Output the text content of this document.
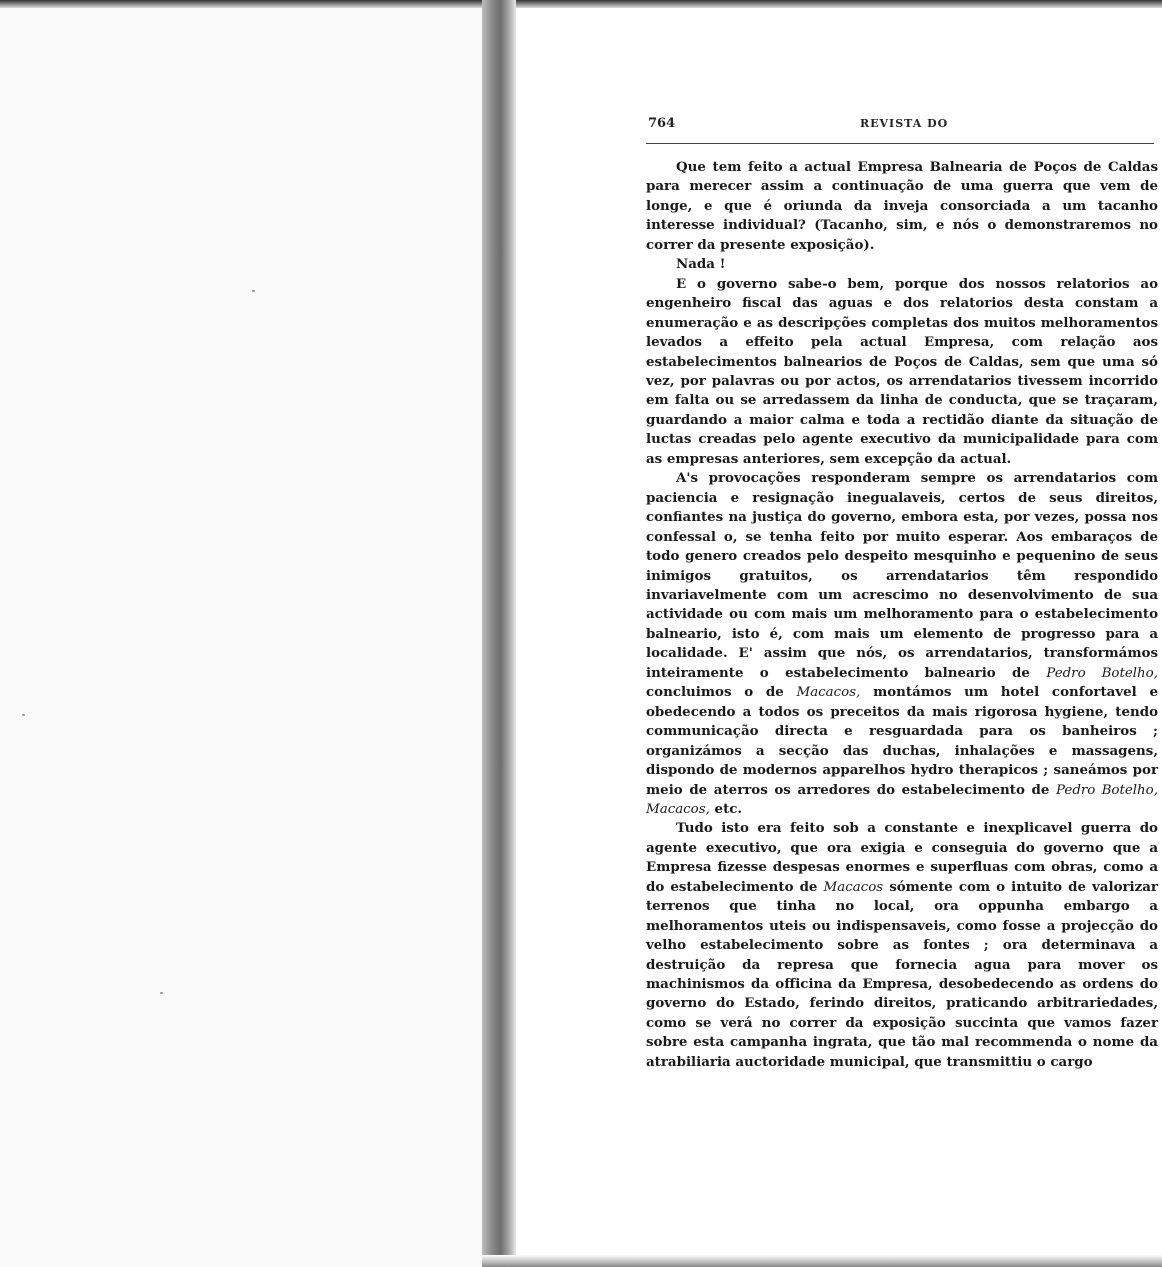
764	REVISTA DO

Que tem feito a actual Empresa Balnearia de Poços de Caldas para merecer assim a continuação de uma guerra que vem de longe, e que é oriunda da inveja consorciada a um tacanho interesse individual? (Tacanho, sim, e nós o demonstraremos no correr da presente exposição).

Nada !

E o governo sabe-o bem, porque dos nossos relatorios ao engenheiro fiscal das aguas e dos relatorios desta constam a enumeração e as descripções completas dos muitos melhoramentos levados a effeito pela actual Empresa, com relação aos estabelecimentos balnearios de Poços de Caldas, sem que uma só vez, por palavras ou por actos, os arrendatarios tivessem incorrido em falta ou se arredassem da linha de conducta, que se traçaram, guardando a maior calma e toda a rectidão diante da situação de luctas creadas pelo agente executivo da municipalidade para com as empresas anteriores, sem excepção da actual.

A's provocações responderam sempre os arrendatarios com paciencia e resignação inegualaveis, certos de seus direitos, confiantes na justiça do governo, embora esta, por vezes, possa nos confessal o, se tenha feito por muito esperar. Aos embaraços de todo genero creados pelo despeito mesquinho e pequenino de seus inimigos gratuitos, os arrendatarios têm respondido invariavelmente com um acrescimo no desenvolvimento de sua actividade ou com mais um melhoramento para o estabelecimento balneario, isto é, com mais um elemento de progresso para a localidade. E' assim que nós, os arrendatarios, transformámos inteiramente o estabelecimento balneario de Pedro Botelho, concluimos o de Macacos, montámos um hotel confortavel e obedecendo a todos os preceitos da mais rigorosa hygiene, tendo communicação directa e resguardada para os banheiros ; organizámos a secção das duchas, inhalações e massagens, dispondo de modernos apparelhos hydro therapicos ; saneámos por meio de aterros os arredores do estabelecimento de Pedro Botelho, Macacos, etc.

Tudo isto era feito sob a constante e inexplicavel guerra do agente executivo, que ora exigia e conseguia do governo que a Empresa fizesse despesas enormes e superfluas com obras, como a do estabelecimento de Macacos sómente com o intuito de valorizar terrenos que tinha no local, ora oppunha embargo a melhoramentos uteis ou indispensaveis, como fosse a projecção do velho estabelecimento sobre as fontes ; ora determinava a destruição da represa que fornecia agua para mover os machinismos da officina da Empresa, desobedecendo as ordens do governo do Estado, ferindo direitos, praticando arbitrariedades, como se verá no correr da exposição succinta que vamos fazer sobre esta campanha ingrata, que tão mal recommenda o nome da atrabiliaria auctoridade municipal, que transmittiu o cargo
